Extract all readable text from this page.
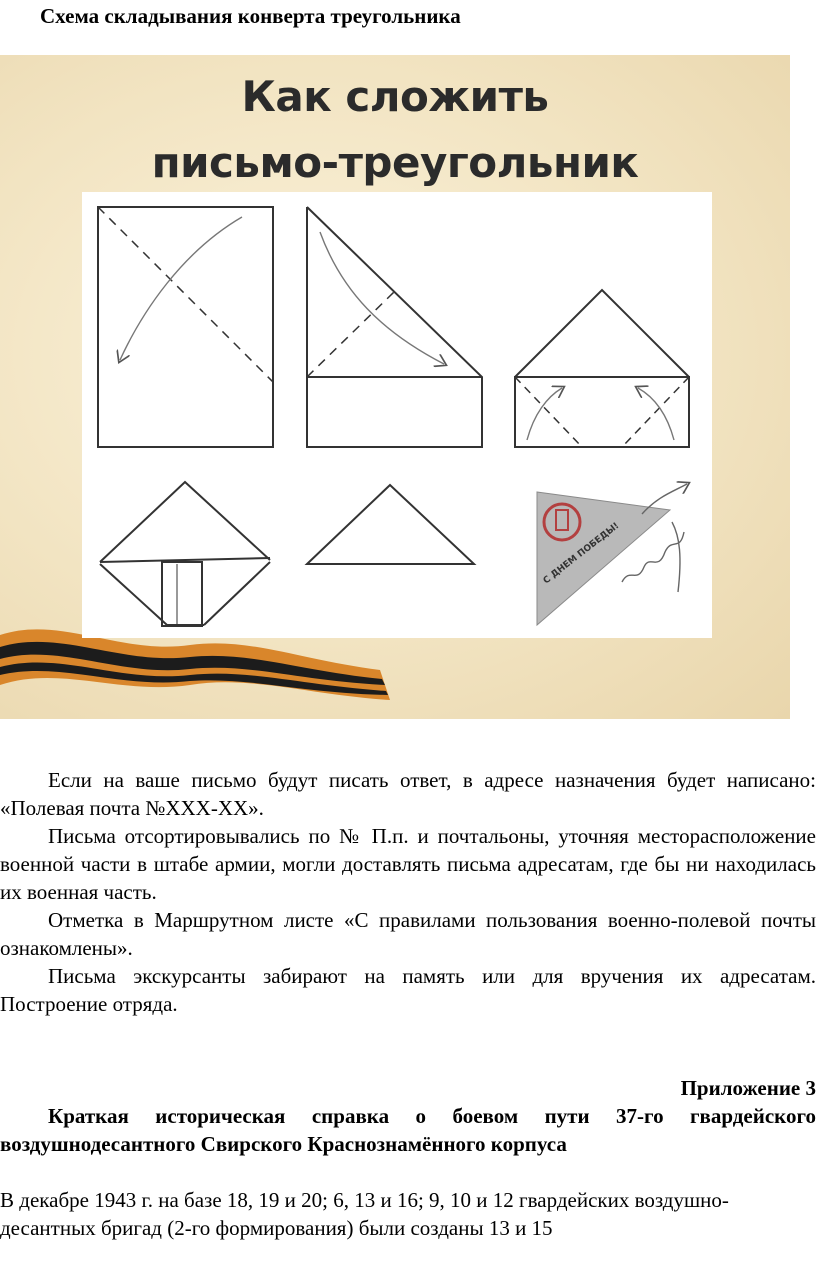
Схема складывания конверта треугольника
Как сложить
письмо-треугольник
С ДНЕМ ПОБЕДЫ!

Если на ваше письмо будут писать ответ, в адресе назначения будет написано: «Полевая почта №XXX-XX».

Письма отсортировывались по № П.п. и почтальоны, уточняя месторасположение военной части в штабе армии, могли доставлять письма адресатам, где бы ни находилась их военная часть.

Отметка в Маршрутном листе «С правилами пользования военно-полевой почты ознакомлены».

Письма экскурсанты забирают на память или для вручения их адресатам. Построение отряда.

Приложение 3

Краткая историческая справка о боевом пути 37-го гвардейского воздушнодесантного Свирского Краснознамённого корпуса

В декабре 1943 г. на базе 18, 19 и 20; 6, 13 и 16; 9, 10 и 12 гвардейских воздушно-десантных бригад (2-го формирования) были созданы 13 и 15
